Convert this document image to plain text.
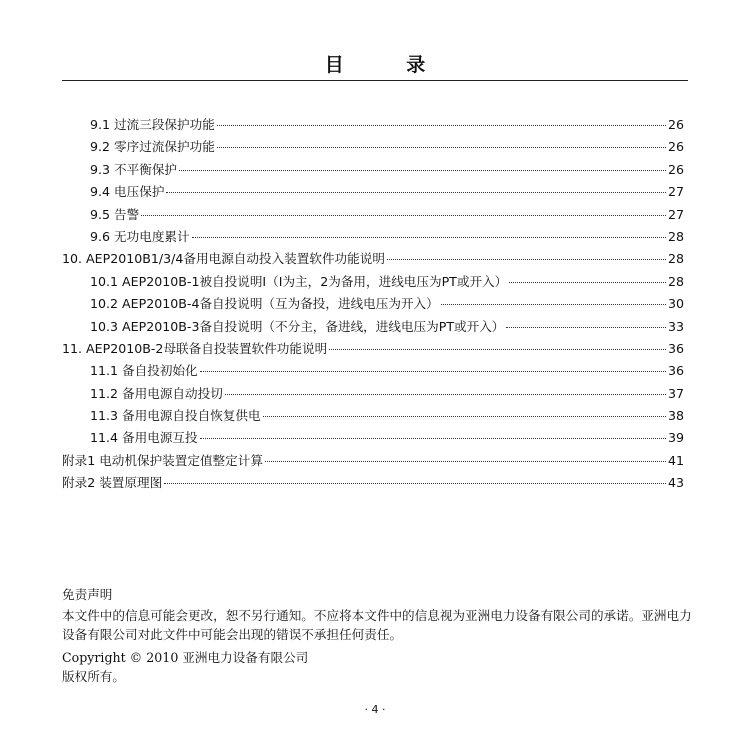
目 录
9.1 过流三段保护功能	26
9.2 零序过流保护功能	26
9.3 不平衡保护	26
9.4 电压保护	27
9.5 告警	27
9.6 无功电度累计	28
10. AEP2010B1/3/4备用电源自动投入装置软件功能说明	28
10.1 AEP2010B-1被自投说明I（I为主，2为备用，进线电压为PT或开入）	28
10.2 AEP2010B-4备自投说明（互为备投，进线电压为开入）	30
10.3 AEP2010B-3备自投说明（不分主，备进线，进线电压为PT或开入）	33
11. AEP2010B-2母联备自投装置软件功能说明	36
11.1 备自投初始化	36
11.2 备用电源自动投切	37
11.3 备用电源自投自恢复供电	38
11.4 备用电源互投	39
附录1 电动机保护装置定值整定计算	41
附录2 装置原理图	43

免责声明

本文件中的信息可能会更改，恕不另行通知。不应将本文件中的信息视为亚洲电力设备有限公司的承诺。亚洲电力设备有限公司对此文件中可能会出现的错误不承担任何责任。

Copyright © 2010 亚洲电力设备有限公司

版权所有。

· 4 ·
